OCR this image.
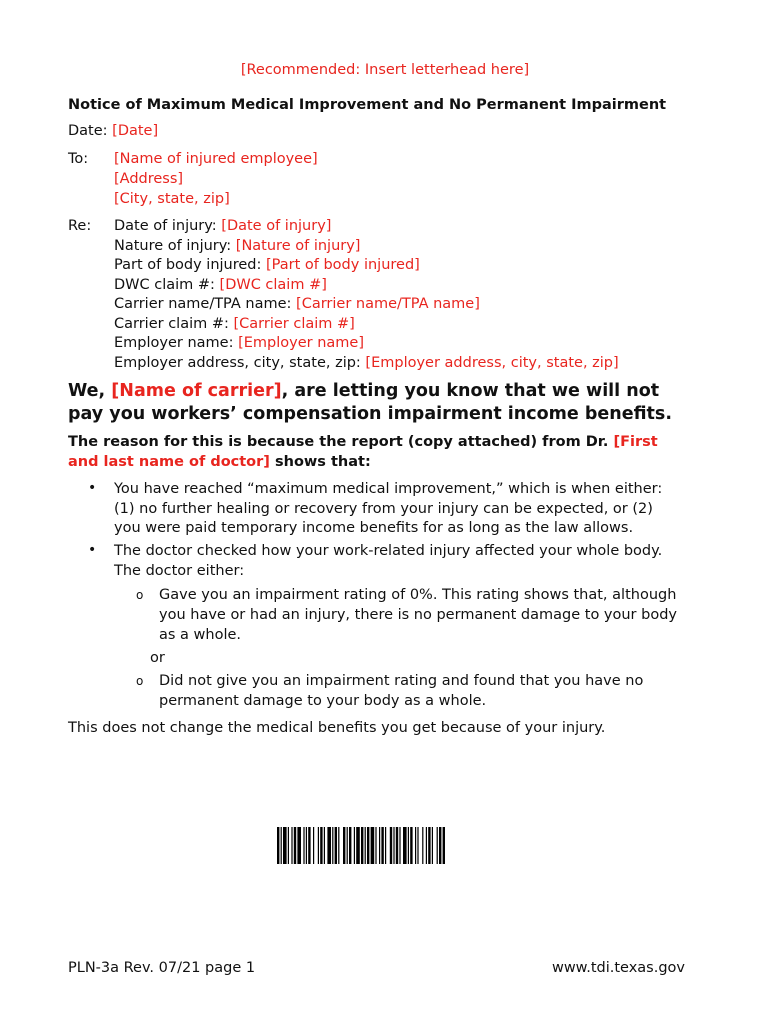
[Recommended: Insert letterhead here]
Notice of Maximum Medical Improvement and No Permanent Impairment
Date: [Date]
To: [Name of injured employee]
[Address]
[City, state, zip]
Re: Date of injury: [Date of injury]
Nature of injury: [Nature of injury]
Part of body injured: [Part of body injured]
DWC claim #: [DWC claim #]
Carrier name/TPA name: [Carrier name/TPA name]
Carrier claim #: [Carrier claim #]
Employer name: [Employer name]
Employer address, city, state, zip: [Employer address, city, state, zip]
We, [Name of carrier], are letting you know that we will not
pay you workers’ compensation impairment income benefits.
The reason for this is because the report (copy attached) from Dr. [First
and last name of doctor] shows that:
• You have reached “maximum medical improvement,” which is when either:
(1) no further healing or recovery from your injury can be expected, or (2)
you were paid temporary income benefits for as long as the law allows.
• The doctor checked how your work-related injury affected your whole body.
The doctor either:
o Gave you an impairment rating of 0%. This rating shows that, although
you have or had an injury, there is no permanent damage to your body
as a whole.
or
o Did not give you an impairment rating and found that you have no
permanent damage to your body as a whole.
This does not change the medical benefits you get because of your injury.
PLN-3a Rev. 07/21 page 1	www.tdi.texas.gov
